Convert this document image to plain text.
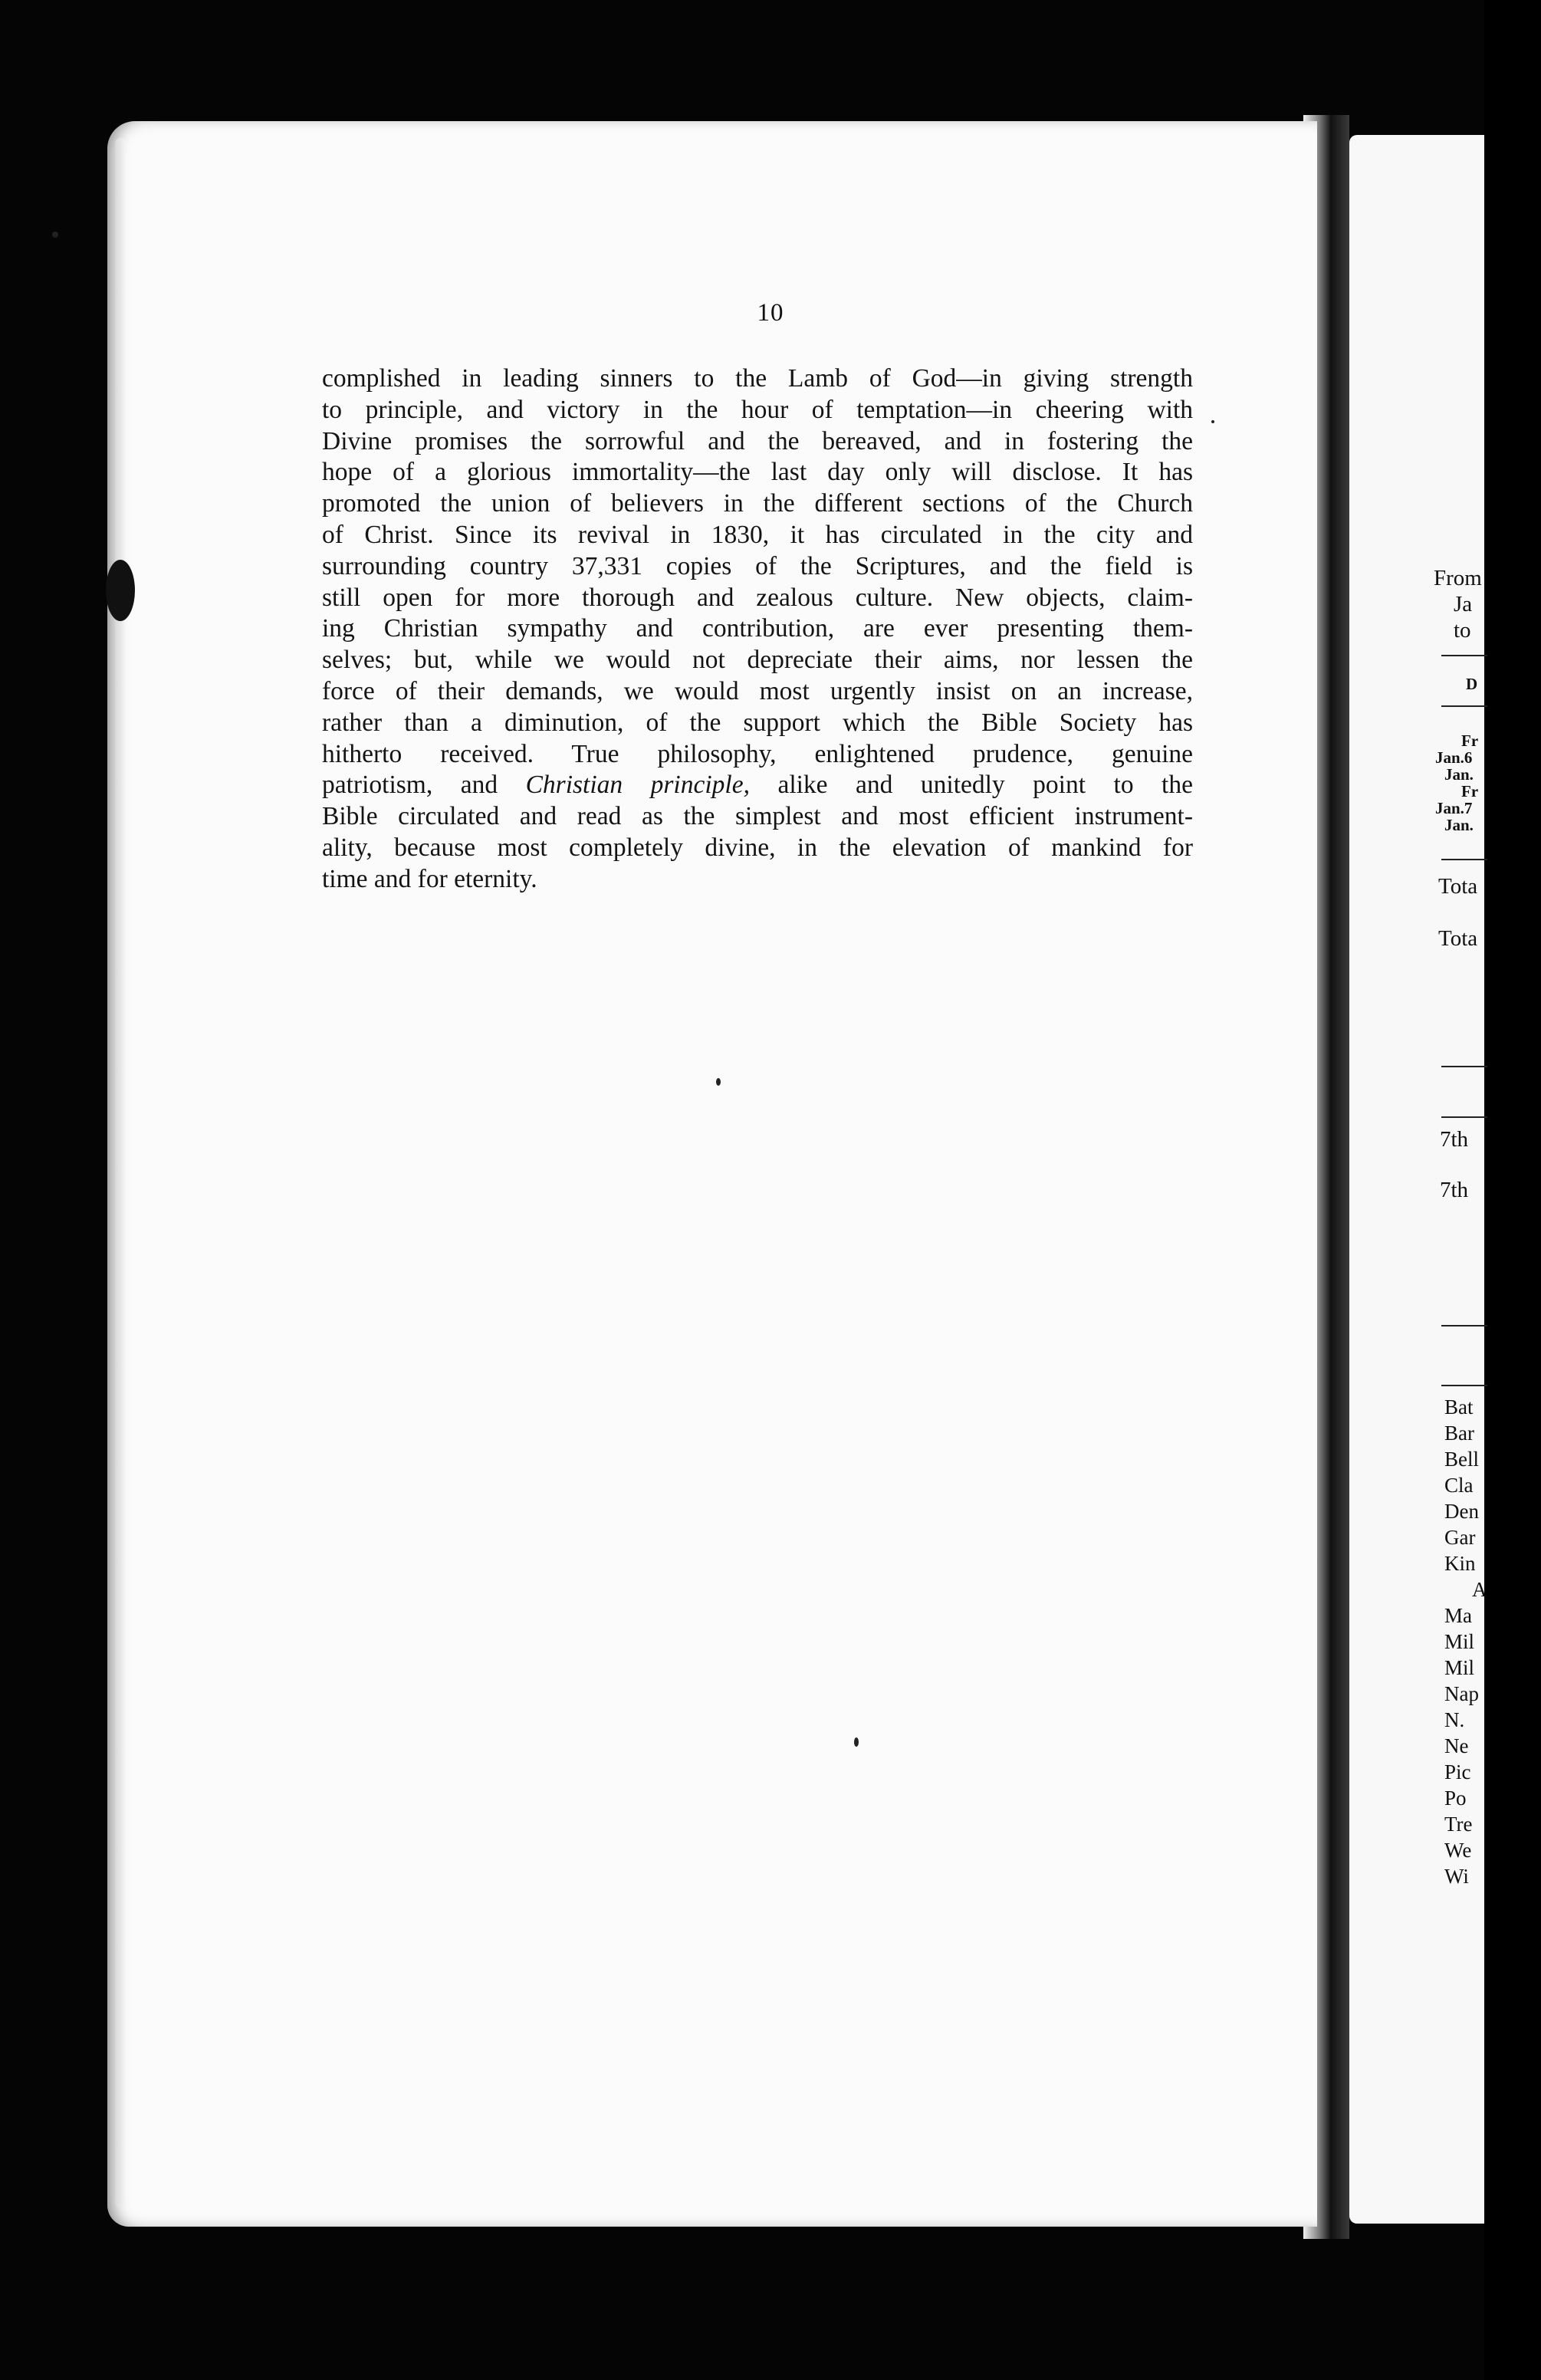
10
complished in leading sinners to the Lamb of God—in giving strength
to principle, and victory in the hour of temptation—in cheering with
Divine promises the sorrowful and the bereaved, and in fostering the
hope of a glorious immortality—the last day only will disclose. It has
promoted the union of believers in the different sections of the Church
of Christ. Since its revival in 1830, it has circulated in the city and
surrounding country 37,331 copies of the Scriptures, and the field is
still open for more thorough and zealous culture. New objects, claim-
ing Christian sympathy and contribution, are ever presenting them-
selves; but, while we would not depreciate their aims, nor lessen the
force of their demands, we would most urgently insist on an increase,
rather than a diminution, of the support which the Bible Society has
hitherto received. True philosophy, enlightened prudence, genuine
patriotism, and Christian principle, alike and unitedly point to the
Bible circulated and read as the simplest and most efficient instrument-
ality, because most completely divine, in the elevation of mankind for
time and for eternity.
From
Ja
to
D
Fr
Jan.6
Jan.
Fr
Jan.7
Jan.
Tota
Tota
7th
7th
Bat
Bar
Bell
Cla
Den
Gar
Kin
A
Ma
Mil
Mil
Nap
N.
Ne
Pic
Po
Tre
We
Wi
